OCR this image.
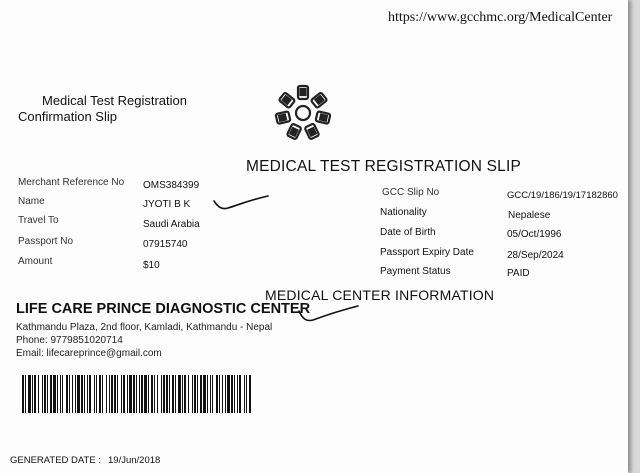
https://www.gcchmc.org/MedicalCenter
Medical Test Registration
Confirmation Slip
MEDICAL TEST REGISTRATION SLIP
Merchant Reference No OMS384399
Name	JYOTI B K
Travel To	Saudi Arabia
Passport No	07915740
Amount	$10
GCC Slip No	GCC/19/186/19/17182860
Nationality	Nepalese
Date of Birth	05/Oct/1996
Passport Expiry Date	28/Sep/2024
Payment Status	PAID
MEDICAL CENTER INFORMATION
LIFE CARE PRINCE DIAGNOSTIC CENTER
Kathmandu Plaza, 2nd floor, Kamladi, Kathmandu - Nepal
Phone: 9779851020714
Email: lifecareprince@gmail.com
GENERATED DATE : 19/Jun/2018
